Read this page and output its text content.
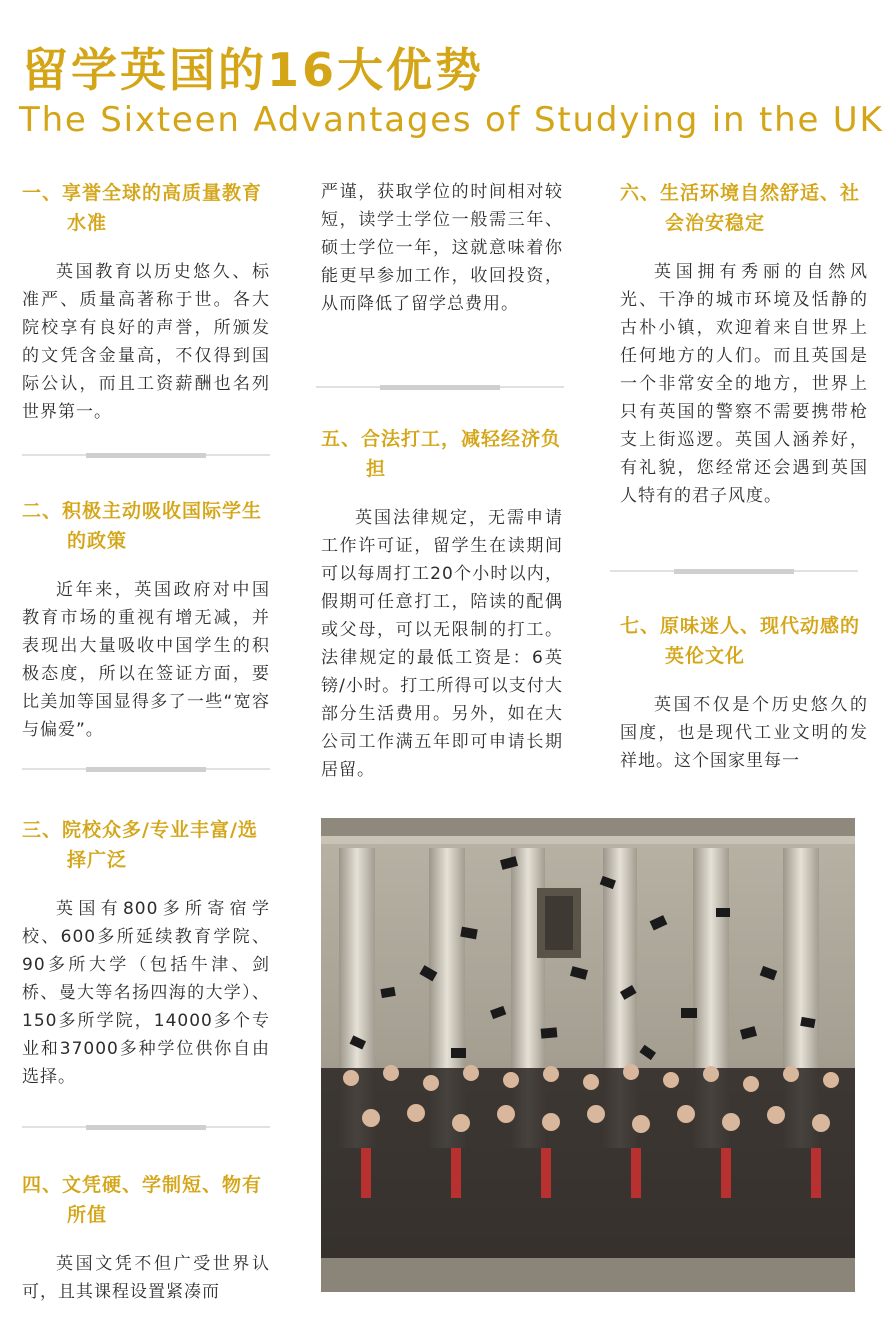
留学英国的16大优势
The Sixteen Advantages of Studying in the UK
一、享誉全球的高质量教育水准
英国教育以历史悠久、标准严、质量高著称于世。各大院校享有良好的声誉，所颁发的文凭含金量高，不仅得到国际公认，而且工资薪酬也名列世界第一。
二、积极主动吸收国际学生的政策
近年来，英国政府对中国教育市场的重视有增无减，并表现出大量吸收中国学生的积极态度，所以在签证方面，要比美加等国显得多了一些“宽容与偏爱”。
三、院校众多/专业丰富/选择广泛
英国有800多所寄宿学校、600多所延续教育学院、90多所大学（包括牛津、剑桥、曼大等名扬四海的大学）、150多所学院，14000多个专业和37000多种学位供你自由选择。
四、文凭硬、学制短、物有所值
英国文凭不但广受世界认可，且其课程设置紧凑而
严谨，获取学位的时间相对较短，读学士学位一般需三年、硕士学位一年，这就意味着你能更早参加工作，收回投资，从而降低了留学总费用。
五、合法打工，减轻经济负担
英国法律规定，无需申请工作许可证，留学生在读期间可以每周打工20个小时以内，假期可任意打工，陪读的配偶或父母，可以无限制的打工。法律规定的最低工资是：6英镑/小时。打工所得可以支付大部分生活费用。另外，如在大公司工作满五年即可申请长期居留。
六、生活环境自然舒适、社会治安稳定
英国拥有秀丽的自然风光、干净的城市环境及恬静的古朴小镇，欢迎着来自世界上任何地方的人们。而且英国是一个非常安全的地方，世界上只有英国的警察不需要携带枪支上街巡逻。英国人涵养好，有礼貌，您经常还会遇到英国人特有的君子风度。
七、原味迷人、现代动感的英伦文化
英国不仅是个历史悠久的国度，也是现代工业文明的发祥地。这个国家里每一
